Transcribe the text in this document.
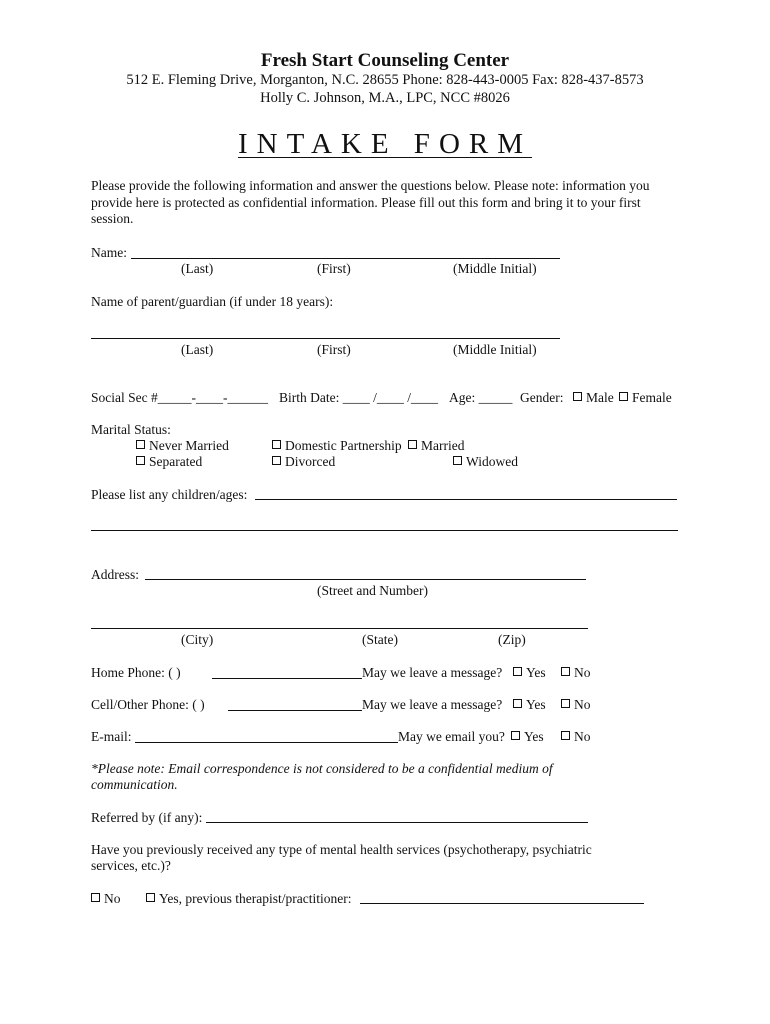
Fresh Start Counseling Center
512 E. Fleming Drive, Morganton, N.C. 28655 Phone: 828-443-0005 Fax: 828-437-8573
Holly C. Johnson, M.A., LPC, NCC #8026
INTAKE FORM
Please provide the following information and answer the questions below. Please note: information you provide here is protected as confidential information. Please fill out this form and bring it to your first session.
Name:
(Last)	(First)	(Middle Initial)
Name of parent/guardian (if under 18 years):
(Last)	(First)	(Middle Initial)
Social Sec #_____-____-______ Birth Date: ____ /____ /____ Age: _____ Gender:	Male	Female
Marital Status:
Never Married	Domestic Partnership	Married
Separated	Divorced	Widowed
Please list any children/ages:
Address:
(Street and Number)
(City)	(State)	(Zip)
Home Phone: ( )	May we leave a message?	Yes	No
Cell/Other Phone: ( )	May we leave a message?	Yes	No
E-mail:	May we email you?	Yes	No
*Please note: Email correspondence is not considered to be a confidential medium of communication.
Referred by (if any):
Have you previously received any type of mental health services (psychotherapy, psychiatric services, etc.)?
No	Yes, previous therapist/practitioner:
